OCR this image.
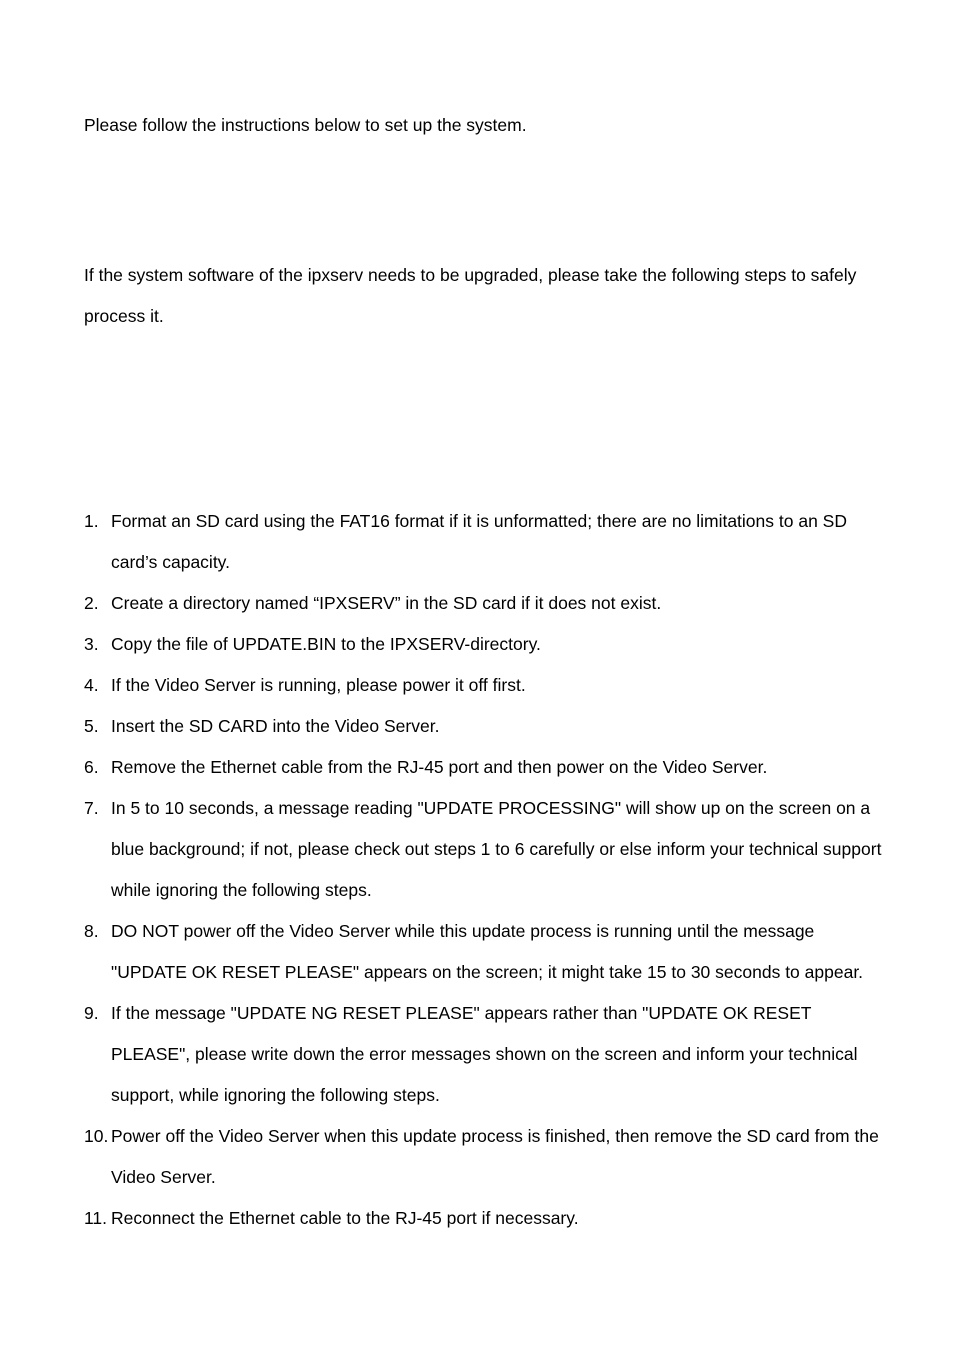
Please follow the instructions below to set up the system.

If the system software of the ipxserv needs to be upgraded, please take the following steps to safely process it.

1. Format an SD card using the FAT16 format if it is unformatted; there are no limitations to an SD card’s capacity.
2. Create a directory named “IPXSERV” in the SD card if it does not exist.
3. Copy the file of UPDATE.BIN to the IPXSERV-directory.
4. If the Video Server is running, please power it off first.
5. Insert the SD CARD into the Video Server.
6. Remove the Ethernet cable from the RJ-45 port and then power on the Video Server.
7. In 5 to 10 seconds, a message reading "UPDATE PROCESSING" will show up on the screen on a blue background; if not, please check out steps 1 to 6 carefully or else inform your technical support while ignoring the following steps.
8. DO NOT power off the Video Server while this update process is running until the message "UPDATE OK RESET PLEASE" appears on the screen; it might take 15 to 30 seconds to appear.
9. If the message "UPDATE NG RESET PLEASE" appears rather than "UPDATE OK RESET PLEASE", please write down the error messages shown on the screen and inform your technical support, while ignoring the following steps.
10. Power off the Video Server when this update process is finished, then remove the SD card from the Video Server.
11. Reconnect the Ethernet cable to the RJ-45 port if necessary.
